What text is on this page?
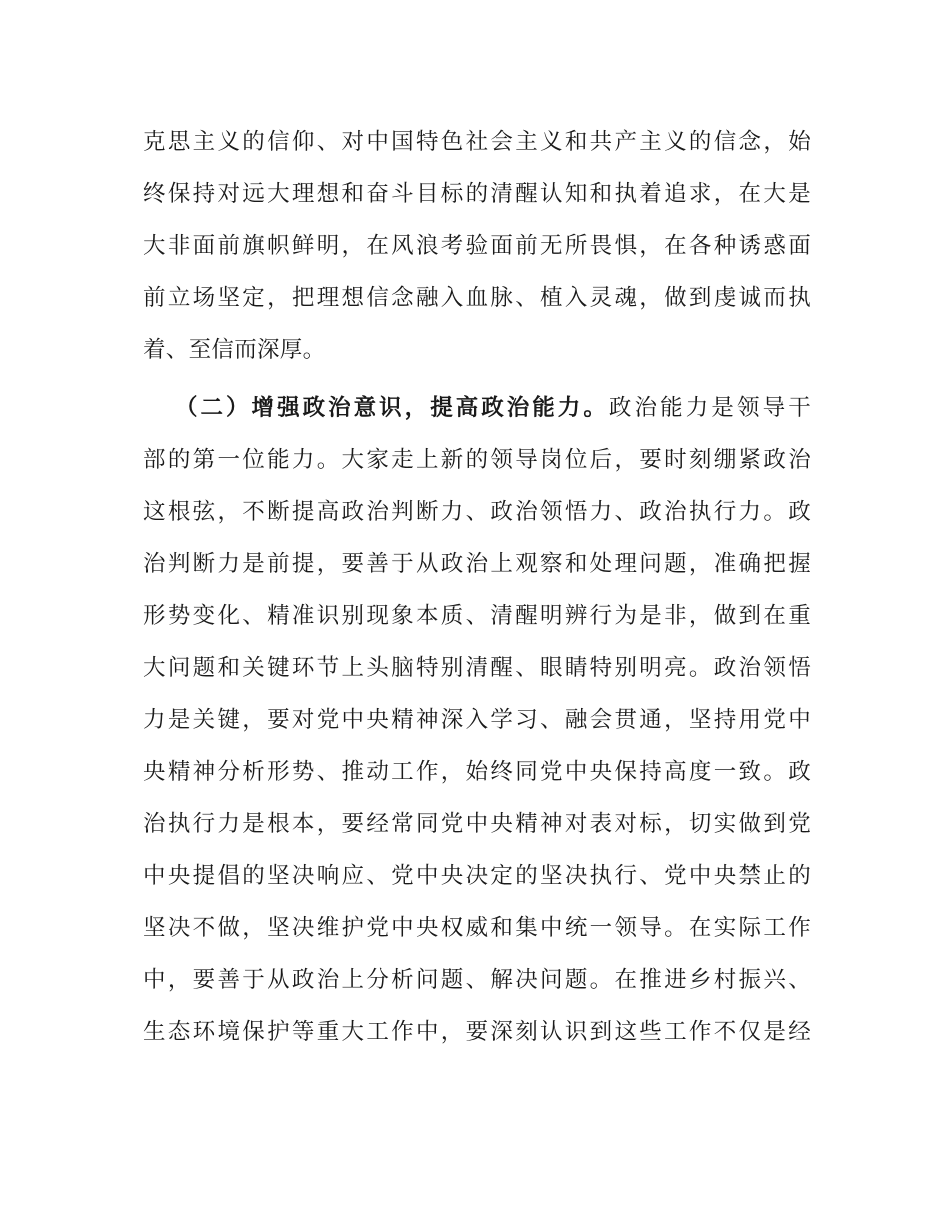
克思主义的信仰、对中国特色社会主义和共产主义的信念，始
终保持对远大理想和奋斗目标的清醒认知和执着追求，在大是
大非面前旗帜鲜明，在风浪考验面前无所畏惧，在各种诱惑面
前立场坚定，把理想信念融入血脉、植入灵魂，做到虔诚而执
着、至信而深厚。
（二）增强政治意识，提高政治能力。政治能力是领导干
部的第一位能力。大家走上新的领导岗位后，要时刻绷紧政治
这根弦，不断提高政治判断力、政治领悟力、政治执行力。政
治判断力是前提，要善于从政治上观察和处理问题，准确把握
形势变化、精准识别现象本质、清醒明辨行为是非，做到在重
大问题和关键环节上头脑特别清醒、眼睛特别明亮。政治领悟
力是关键，要对党中央精神深入学习、融会贯通，坚持用党中
央精神分析形势、推动工作，始终同党中央保持高度一致。政
治执行力是根本，要经常同党中央精神对表对标，切实做到党
中央提倡的坚决响应、党中央决定的坚决执行、党中央禁止的
坚决不做，坚决维护党中央权威和集中统一领导。在实际工作
中，要善于从政治上分析问题、解决问题。在推进乡村振兴、
生态环境保护等重大工作中，要深刻认识到这些工作不仅是经
